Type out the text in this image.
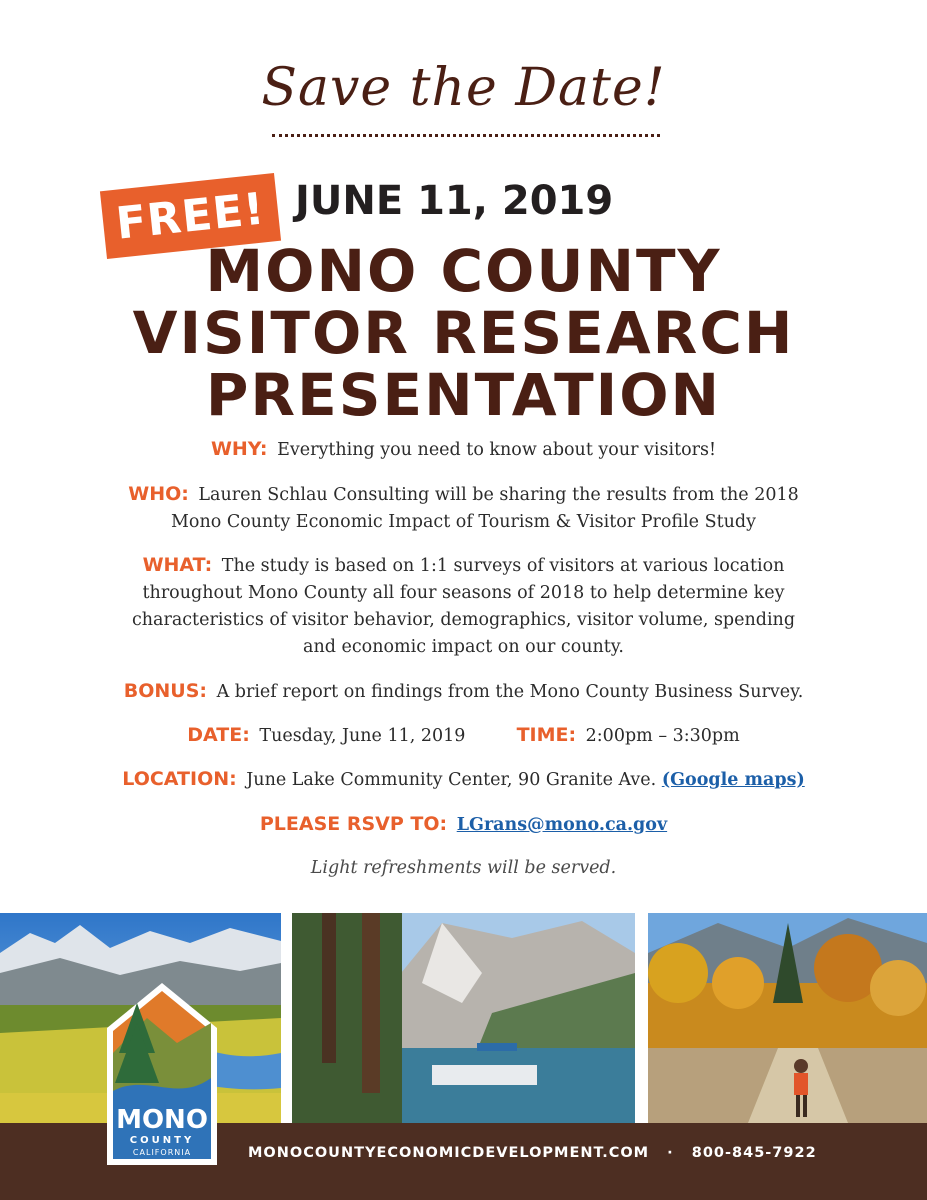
Save the Date!
FREE! JUNE 11, 2019
MONO COUNTY
VISITOR RESEARCH
PRESENTATION
WHY: Everything you need to know about your visitors!
WHO: Lauren Schlau Consulting will be sharing the results from the 2018
Mono County Economic Impact of Tourism & Visitor Profile Study
WHAT: The study is based on 1:1 surveys of visitors at various location
throughout Mono County all four seasons of 2018 to help determine key
characteristics of visitor behavior, demographics, visitor volume, spending
and economic impact on our county.
BONUS: A brief report on findings from the Mono County Business Survey.
DATE: Tuesday, June 11, 2019	TIME: 2:00pm – 3:30pm
LOCATION: June Lake Community Center, 90 Granite Ave. (Google maps)
PLEASE RSVP TO: LGrans@mono.ca.gov
Light refreshments will be served.
MONOCOUNTYECONOMICDEVELOPMENT.COM · 800-845-7922
MONO
COUNTY
CALIFORNIA
